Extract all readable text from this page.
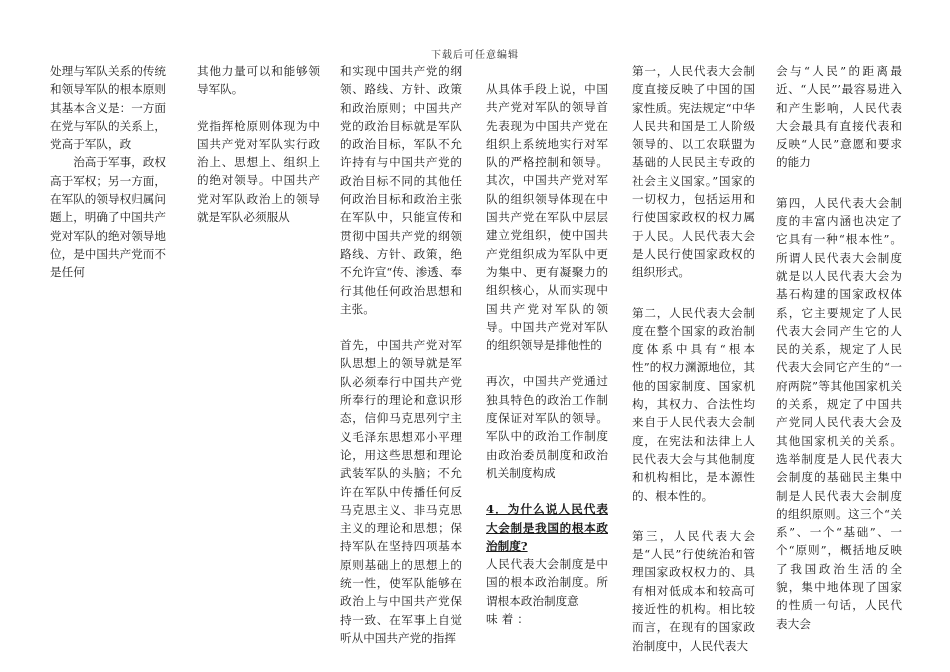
下载后可任意编辑

处理与军队关系的传统和领导军队的根本原则其基本含义是：一方面在党与军队的关系上，党高于军队，政

治高于军事，政权高于军权；另一方面，在军队的领导权归属问题上，明确了中国共产党对军队的绝对领导地位，是中国共产党而不是任何

其他力量可以和能够领导军队。

党指挥枪原则体现为中国共产党对军队实行政治上、思想上、组织上的绝对领导。中国共产党对军队政治上的领导就是军队必须服从

和实现中国共产党的纲领、路线、方针、政策和政治原则；中国共产党的政治目标就是军队的政治目标，军队不允许持有与中国共产党的政治目标不同的其他任何政治目标和政治主张在军队中，只能宣传和贯彻中国共产党的纲领路线、方针、政策，绝不允许宣“传、渗透、奉行其他任何政治思想和主张。

首先，中国共产党对军队思想上的领导就是军队必须奉行中国共产党所奉行的理论和意识形态，信仰马克思列宁主义毛泽东思想邓小平理论，用这些思想和理论武装军队的头脑；不允许在军队中传播任何反马克思主义、非马克思主义的理论和思想；保持军队在坚持四项基本原则基础上的思想上的统一性，使军队能够在政治上与中国共产党保持一致、在军事上自觉听从中国共产党的指挥

从具体手段上说，中国共产党对军队的领导首先表现为中国共产党在组织上系统地实行对军队的严格控制和领导。其次，中国共产党对军队的组织领导体现在中国共产党在军队中层层建立党组织，使中国共产党组织成为军队中更为集中、更有凝聚力的组织核心，从而实现中国共产党对军队的领导。中国共产党对军队的组织领导是排他性的

再次，中国共产党通过独具特色的政治工作制度保证对军队的领导。军队中的政治工作制度由政治委员制度和政治机关制度构成

4．为什么说人民代表大会制是我国的根本政治制度?

人民代表大会制度是中国的根本政治制度。所谓根本政治制度意

味着：

第一，人民代表大会制度直接反映了中国的国家性质。宪法规定“中华人民共和国是工人阶级领导的、以工农联盟为基础的人民民主专政的社会主义国家。”国家的一切权力，包括运用和行使国家政权的权力属于人民。人民代表大会是人民行使国家政权的组织形式。

第二，人民代表大会制度在整个国家的政治制度体系中具有“根本性”的权力渊源地位，其他的国家制度、国家机构，其权力、合法性均来自于人民代表大会制度，在宪法和法律上人民代表大会与其他制度和机构相比，是本源性的、根本性的。

第三，人民代表大会是“人民”行使统治和管理国家政权权力的、具有相对低成本和较高可接近性的机构。相比较而言，在现有的国家政治制度中，人民代表大

会与“人民”的距离最近、“人民”’最容易进入和产生影响，人民代表大会最具有直接代表和反映“人民”意愿和要求的能力

第四，人民代表大会制度的丰富内涵也决定了它具有一种“根本性”。所谓人民代表大会制度就是以人民代表大会为基石构建的国家政权体系，它主要规定了人民代表大会同产生它的人民的关系，规定了人民代表大会同它产生的“一府两院”等其他国家机关的关系，规定了中国共产党同人民代表大会及其他国家机关的关系。选举制度是人民代表大会制度的基础民主集中制是人民代表大会制度的组织原则。这三个“关系”、一个“基础”、一个“原则”，概括地反映了我国政治生活的全貌，集中地体现了国家的性质一句话，人民代表大会
